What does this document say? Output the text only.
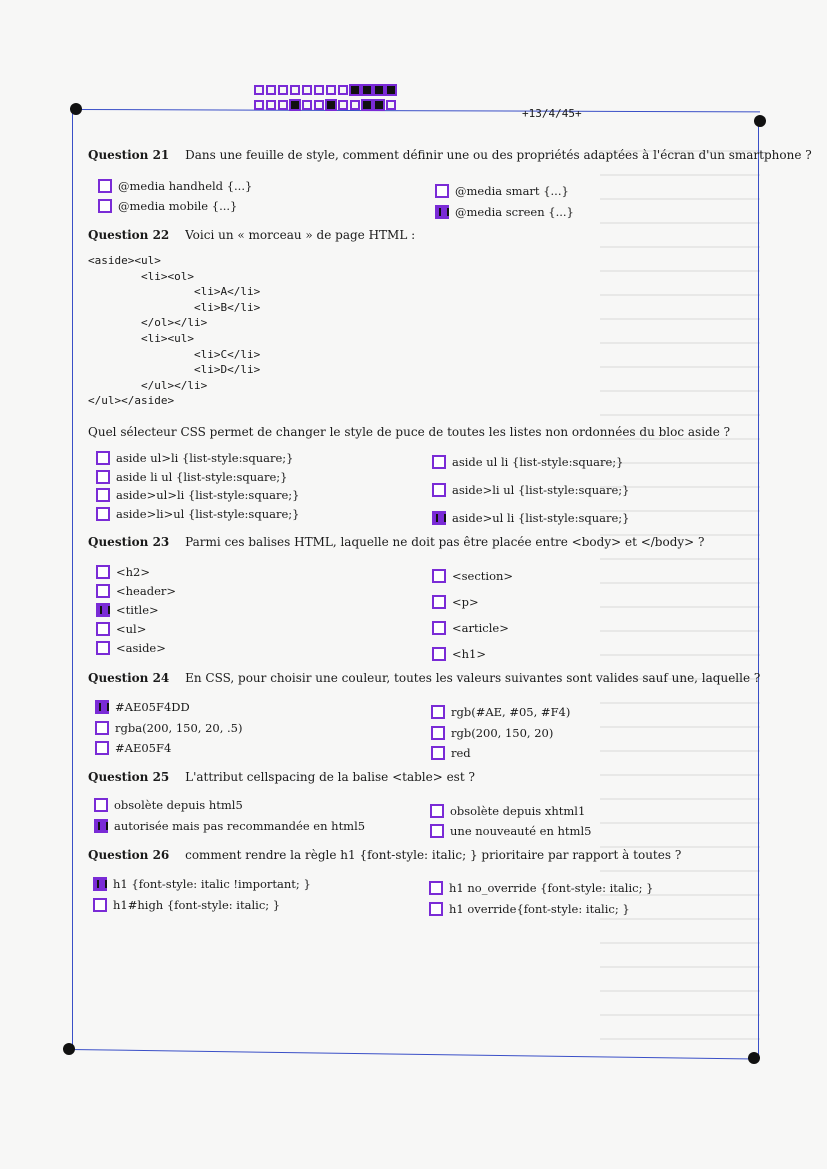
+13/4/45+
Question 21 Dans une feuille de style, comment définir une ou des propriétés adaptées à l'écran d'un smartphone ?
@media handheld {...}
@media mobile {...}
@media smart {...}
@media screen {...}
Question 22 Voici un « morceau » de page HTML :
<aside><ul>
<li><ol>
<li>A</li>
<li>B</li>
</ol></li>
<li><ul>
<li>C</li>
<li>D</li>
</ul></li>
</ul></aside>
Quel sélecteur CSS permet de changer le style de puce de toutes les listes non ordonnées du bloc aside ?
aside ul>li {list-style:square;}
aside li ul {list-style:square;}
aside>ul>li {list-style:square;}
aside>li>ul {list-style:square;}
aside ul li {list-style:square;}
aside>li ul {list-style:square;}
aside>ul li {list-style:square;}
Question 23 Parmi ces balises HTML, laquelle ne doit pas être placée entre <body> et </body> ?
<h2>
<header>
<title>
<ul>
<aside>
<section>
<p>
<article>
<h1>
Question 24 En CSS, pour choisir une couleur, toutes les valeurs suivantes sont valides sauf une, laquelle ?
#AE05F4DD
rgba(200, 150, 20, .5)
#AE05F4
rgb(#AE, #05, #F4)
rgb(200, 150, 20)
red
Question 25 L'attribut cellspacing de la balise <table> est ?
obsolète depuis html5
autorisée mais pas recommandée en html5
obsolète depuis xhtml1
une nouveauté en html5
Question 26 comment rendre la règle h1 {font-style: italic; } prioritaire par rapport à toutes ?
h1 {font-style: italic !important; }
h1#high {font-style: italic; }
h1 no_override {font-style: italic; }
h1 override{font-style: italic; }
